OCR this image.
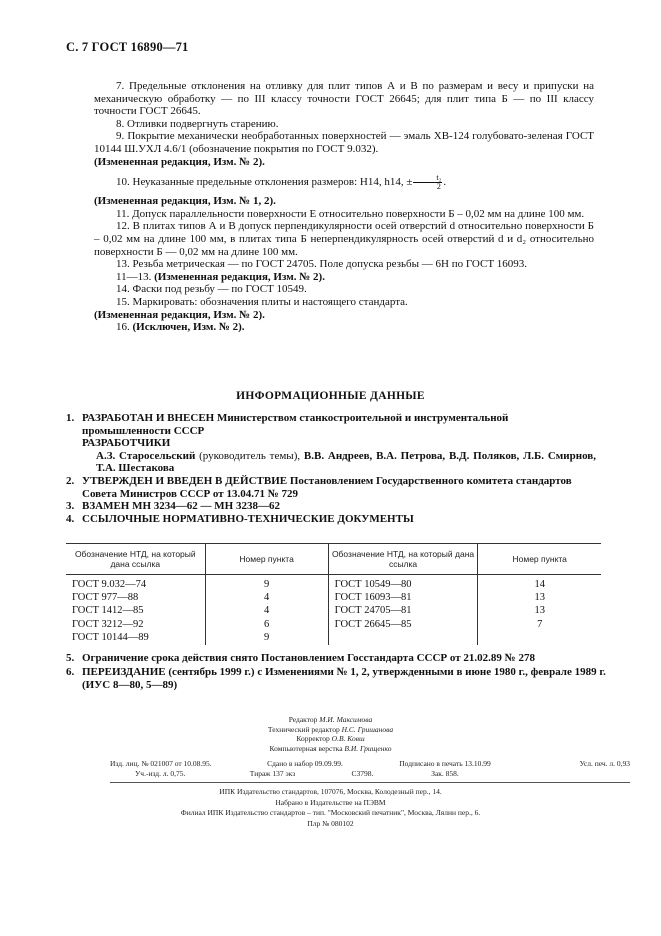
С. 7 ГОСТ 16890—71

7. Предельные отклонения на отливку для плит типов А и В по размерам и весу и припуски на механическую обработку — по III классу точности ГОСТ 26645; для плит типа Б — по III классу точности ГОСТ 26645.

8. Отливки подвергнуть старению.

9. Покрытие механически необработанных поверхностей — эмаль ХВ-124 голубовато-зеленая ГОСТ 10144 Ш.УХЛ 4.6/1 (обозначение покрытия по ГОСТ 9.032).

(Измененная редакция, Изм. № 2).

10. Неуказанные предельные отклонения размеров: Н14, h14, ± $\frac{\text{t₂}}{2}$ .

(Измененная редакция, Изм. № 1, 2).

11. Допуск параллельности поверхности Е относительно поверхности Б – 0,02 мм на длине 100 мм.

12. В плитах типов А и В допуск перпендикулярности осей отверстий d относительно поверхности Б – 0,02 мм на длине 100 мм, в плитах типа Б неперпендикулярность осей отверстий d и d₂ относительно поверхности Б — 0,02 мм на длине 100 мм.

13. Резьба метрическая — по ГОСТ 24705. Поле допуска резьбы — 6Н по ГОСТ 16093.

11—13. (Измененная редакция, Изм. № 2).

14. Фаски под резьбу — по ГОСТ 10549.

15. Маркировать: обозначения плиты и настоящего стандарта.

(Измененная редакция, Изм. № 2).

16. (Исключен, Изм. № 2).

ИНФОРМАЦИОННЫЕ ДАННЫЕ
1. РАЗРАБОТАН И ВНЕСЕН Министерством станкостроительной и инструментальной промышленности СССР
РАЗРАБОТЧИКИ
А.З. Старосельский (руководитель темы), В.В. Андреев, В.А. Петрова, В.Д. Поляков, Л.Б. Смирнов, Т.А. Шестакова
2. УТВЕРЖДЕН И ВВЕДЕН В ДЕЙСТВИЕ Постановлением Государственного комитета стандартов Совета Министров СССР от 13.04.71 № 729
3. ВЗАМЕН МН 3234—62 — МН 3238—62
4. ССЫЛОЧНЫЕ НОРМАТИВНО-ТЕХНИЧЕСКИЕ ДОКУМЕНТЫ
Обозначение НТД, на который дана ссылка	Номер пункта	Обозначение НТД, на который дана ссылка	Номер пункта
ГОСТ 9.032—74	9	ГОСТ 10549—80	14
ГОСТ 977—88	4	ГОСТ 16093—81	13
ГОСТ 1412—85	4	ГОСТ 24705—81	13
ГОСТ 3212—92	6	ГОСТ 26645—85	7
ГОСТ 10144—89	9		
5. Ограничение срока действия снято Постановлением Госстандарта СССР от 21.02.89 № 278
6. ПЕРЕИЗДАНИЕ (сентябрь 1999 г.) с Изменениями № 1, 2, утвержденными в июне 1980 г., феврале 1989 г. (ИУС 8—80, 5—89)
Редактор М.И. Максимова
Технический редактор Н.С. Гришанова
Корректор О.В. Ковш
Компьютерная верстка В.И. Грищенко
Изд. лиц. № 021007 от 10.08.95.	Сдано в набор 09.09.99.	Подписано в печать 13.10.99	Усл. печ. л. 0,93
Уч.-изд. л. 0,75.	Тираж 137 экз	С3798.	Зак. 858.
ИПК Издательство стандартов, 107076, Москва, Колодезный пер., 14.
Набрано в Издательстве на ПЭВМ
Филиал ИПК Издательство стандартов – тип. "Московский печатник", Москва, Лялин пер., 6.
Плр № 080102
